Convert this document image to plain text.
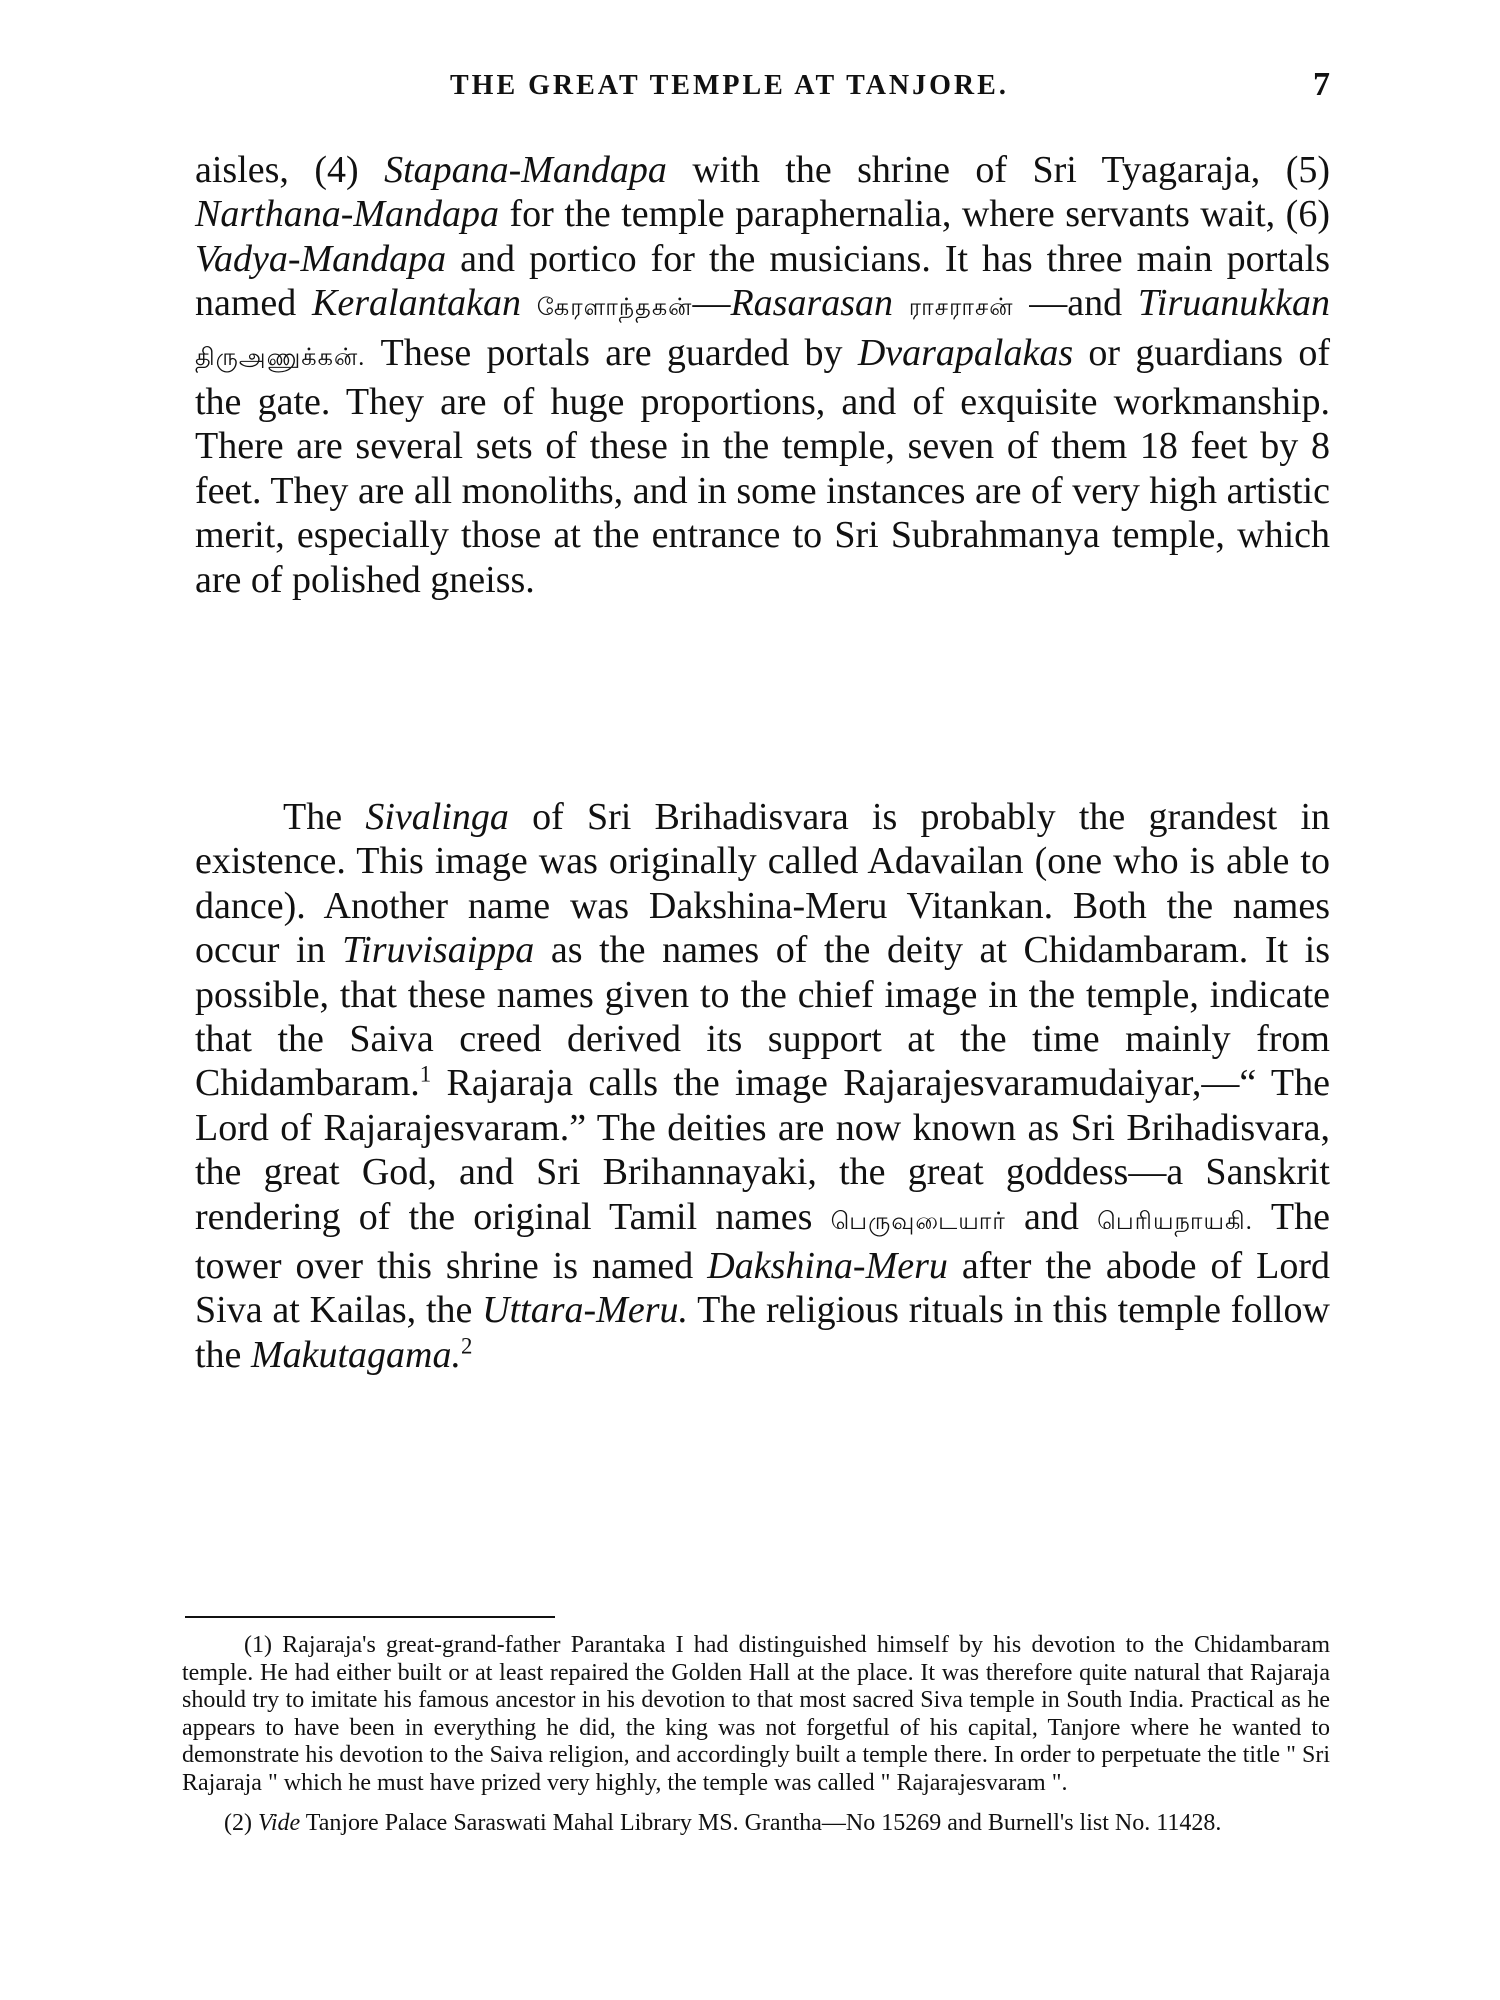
THE GREAT TEMPLE AT TANJORE.	7
aisles, (4) Stapana-Mandapa with the shrine of Sri Tyagaraja, (5) Narthana-Mandapa for the temple paraphernalia, where servants wait, (6) Vadya-Mandapa and portico for the musicians. It has three main portals named Keralantakan கேரளாந்தகன்—Rasarasan ராசராசன் —and Tiruanukkan திருஅணுக்கன். These portals are guarded by Dvarapalakas or guardians of the gate. They are of huge proportions, and of exquisite workmanship. There are several sets of these in the temple, seven of them 18 feet by 8 feet. They are all monoliths, and in some instances are of very high artistic merit, especially those at the entrance to Sri Subrahmanya temple, which are of polished gneiss.
The Sivalinga of Sri Brihadisvara is probably the grandest in existence. This image was originally called Adavailan (one who is able to dance). Another name was Dakshina-Meru Vitankan. Both the names occur in Tiruvisaippa as the names of the deity at Chidambaram. It is possible, that these names given to the chief image in the temple, indicate that the Saiva creed derived its support at the time mainly from Chidambaram.$^1$ Rajaraja calls the image Rajarajesvaramudaiyar,—“ The Lord of Rajarajesvaram.” The deities are now known as Sri Brihadisvara, the great God, and Sri Brihannayaki, the great goddess—a Sanskrit rendering of the original Tamil names பெருவுடையார் and பெரியநாயகி. The tower over this shrine is named Dakshina-Meru after the abode of Lord Siva at Kailas, the Uttara-Meru. The religious rituals in this temple follow the Makutagama.$^2$

(1) Rajaraja's great-grand-father Parantaka I had distinguished himself by his devotion to the Chidambaram temple. He had either built or at least repaired the Golden Hall at the place. It was therefore quite natural that Rajaraja should try to imitate his famous ancestor in his devotion to that most sacred Siva temple in South India. Practical as he appears to have been in everything he did, the king was not forgetful of his capital, Tanjore where he wanted to demonstrate his devotion to the Saiva religion, and accordingly built a temple there. In order to perpetuate the title " Sri Rajaraja " which he must have prized very highly, the temple was called " Rajarajesvaram ".

(2) Vide Tanjore Palace Saraswati Mahal Library MS. Grantha—No 15269 and Burnell's list No. 11428.
